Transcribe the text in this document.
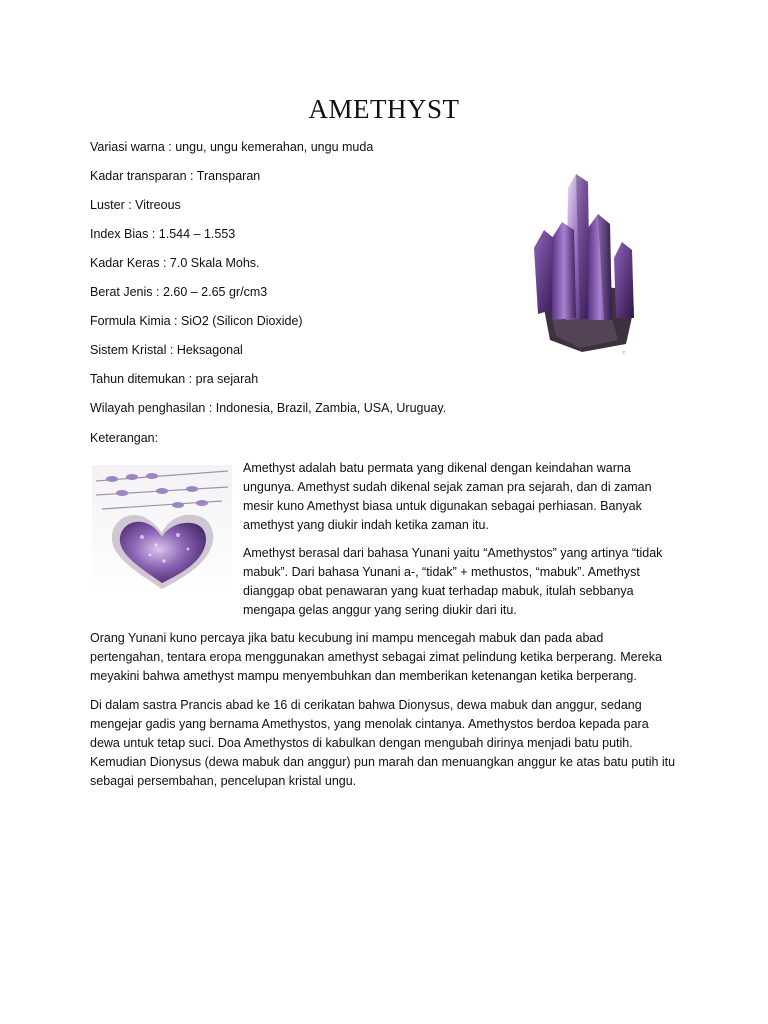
AMETHYST
Variasi warna : ungu, ungu kemerahan, ungu muda
Kadar transparan : Transparan
Luster : Vitreous
Index Bias : 1.544 – 1.553
Kadar Keras : 7.0 Skala Mohs.
Berat Jenis : 2.60 – 2.65 gr/cm3
Formula Kimia : SiO2 (Silicon Dioxide)
Sistem Kristal : Heksagonal
Tahun ditemukan : pra sejarah
Wilayah penghasilan : Indonesia, Brazil, Zambia, USA, Uruguay.
©

Keterangan:

Amethyst adalah batu permata yang dikenal dengan keindahan warna ungunya. Amethyst sudah dikenal sejak zaman pra sejarah, dan di zaman mesir kuno Amethyst biasa untuk digunakan sebagai perhiasan. Banyak amethyst yang diukir indah ketika zaman itu.

Amethyst berasal dari bahasa Yunani yaitu “Amethystos” yang artinya “tidak mabuk”. Dari bahasa Yunani a-, “tidak” + methustos, “mabuk”. Amethyst dianggap obat penawaran yang kuat terhadap mabuk, itulah sebbanya mengapa gelas anggur yang sering diukir dari itu.

Orang Yunani kuno percaya jika batu kecubung ini mampu mencegah mabuk dan pada abad pertengahan, tentara eropa menggunakan amethyst sebagai zimat pelindung ketika berperang. Mereka meyakini bahwa amethyst mampu menyembuhkan dan memberikan ketenangan ketika berperang.

Di dalam sastra Prancis abad ke 16 di cerikatan bahwa Dionysus, dewa mabuk dan anggur, sedang mengejar gadis yang bernama Amethystos, yang menolak cintanya. Amethystos berdoa kepada para dewa untuk tetap suci. Doa Amethystos di kabulkan dengan mengubah dirinya menjadi batu putih. Kemudian Dionysus (dewa mabuk dan anggur) pun marah dan menuangkan anggur ke atas batu putih itu sebagai persembahan, pencelupan kristal ungu.
